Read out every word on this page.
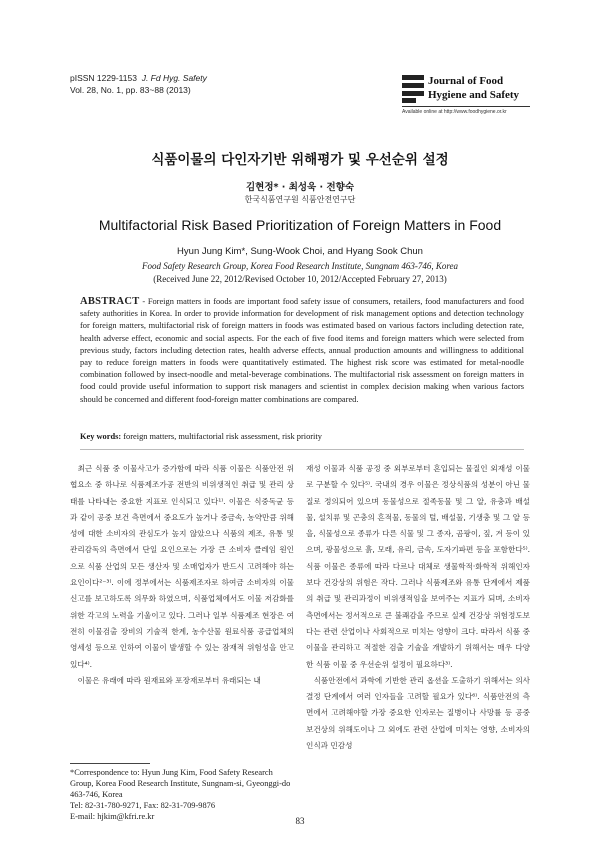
pISSN 1229-1153 J. Fd Hyg. Safety
Vol. 28, No. 1, pp. 83~88 (2013)
Journal of Food Hygiene and Safety
Available online at http://www.foodhygiene.or.kr
식품이물의 다인자기반 위해평가 및 우선순위 설정
김현정* · 최성욱 · 전향숙
한국식품연구원 식품안전연구단
Multifactorial Risk Based Prioritization of Foreign Matters in Food
Hyun Jung Kim*, Sung-Wook Choi, and Hyang Sook Chun
Food Safety Research Group, Korea Food Research Institute, Sungnam 463-746, Korea
(Received June 22, 2012/Revised October 10, 2012/Accepted February 27, 2013)
ABSTRACT - Foreign matters in foods are important food safety issue of consumers, retailers, food manufacturers and food safety authorities in Korea. In order to provide information for development of risk management options and detection technology for foreign matters, multifactorial risk of foreign matters in foods was estimated based on various factors including detection rate, health adverse effect, economic and social aspects. For the each of five food items and foreign matters which were selected from previous study, factors including detection rates, health adverse effects, annual production amounts and willingness to additional pay to reduce foreign matters in foods were quantitatively estimated. The highest risk score was estimated for metal-noodle combination followed by insect-noodle and metal-beverage combinations. The multifactorial risk assessment on foreign matters in food could provide useful information to support risk managers and scientist in complex decision making when various factors should be concerned and different food-foreign matter combinations are compared.
Key words: foreign matters, multifactorial risk assessment, risk priority

최근 식품 중 이물사고가 증가함에 따라 식품 이물은 식품안전 위협요소 중 하나로 식품제조가공 전반의 비위생적인 취급 및 관리 상태를 나타내는 중요한 지표로 인식되고 있다¹⁾. 이물은 식중독균 등과 같이 공중 보건 측면에서 중요도가 높거나 중금속, 농약만큼 위해성에 대한 소비자의 관심도가 높지 않았으나 식품의 제조, 유통 및 관리감독의 측면에서 단일 요인으로는 가장 큰 소비자 클레임 원인으로 식품 산업의 모든 생산자 및 소매업자가 반드시 고려해야 하는 요인이다²⁻³⁾. 이에 정부에서는 식품제조자로 하여금 소비자의 이물신고를 보고하도록 의무화 하였으며, 식품업체에서도 이물 저감화를 위한 각고의 노력을 기울이고 있다. 그러나 일부 식품제조 현장은 여전히 이물검출 장비의 기술적 한계, 농수산물 원료식품 공급업체의 영세성 등으로 인하여 이물이 발생할 수 있는 잠재적 위험성을 안고 있다⁴⁾.

이물은 유래에 따라 원재료와 포장재로부터 유래되는 내

재성 이물과 식품 공정 중 외부로부터 혼입되는 물질인 외재성 이물로 구분할 수 있다⁵⁾. 국내의 경우 이물은 정상식품의 성분이 아닌 물질로 정의되어 있으며 동물성으로 절족동물 및 그 알, 유충과 배설물, 설치류 및 곤충의 흔적물, 동물의 털, 배설물, 기생충 및 그 알 등을, 식물성으로 종류가 다른 식물 및 그 종자, 곰팡이, 짚, 겨 등이 있으며, 광물성으로 흙, 모래, 유리, 금속, 도자기파편 등을 포함한다⁵⁾. 식품 이물은 종류에 따라 다르나 대체로 생물학적·화학적 위해인자보다 건강상의 위험은 작다. 그러나 식품제조와 유통 단계에서 제품의 취급 및 관리과정이 비위생적임을 보여주는 지표가 되며, 소비자 측면에서는 정서적으로 큰 불쾌감을 주므로 실제 건강상 위험정도보다는 관련 산업이나 사회적으로 미치는 영향이 크다. 따라서 식품 중 이물을 관리하고 적절한 검출 기술을 개발하기 위해서는 매우 다양한 식품 이물 중 우선순위 설정이 필요하다³⁾.

식품안전에서 과학에 기반한 관리 옵션을 도출하기 위해서는 의사결정 단계에서 여러 인자들을 고려할 필요가 있다⁶⁾. 식품안전의 측면에서 고려해야할 가장 중요한 인자로는 질병이나 사망률 등 공중보건상의 위해도이나 그 외에도 관련 산업에 미치는 영향, 소비자의 인식과 민감성

*Correspondence to: Hyun Jung Kim, Food Safety Research Group, Korea Food Research Institute, Sungnam-si, Gyeonggi-do 463-746, Korea
Tel: 82-31-780-9271, Fax: 82-31-709-9876
E-mail: hjkim@kfri.re.kr	83
